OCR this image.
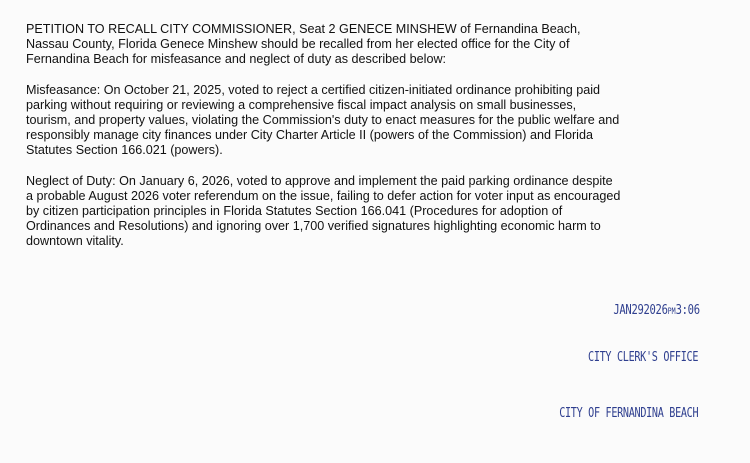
PETITION TO RECALL CITY COMMISSIONER, Seat 2 GENECE MINSHEW of Fernandina Beach,
Nassau County, Florida Genece Minshew should be recalled from her elected office for the City of
Fernandina Beach for misfeasance and neglect of duty as described below:

Misfeasance: On October 21, 2025, voted to reject a certified citizen-initiated ordinance prohibiting paid
parking without requiring or reviewing a comprehensive fiscal impact analysis on small businesses,
tourism, and property values, violating the Commission's duty to enact measures for the public welfare and
responsibly manage city finances under City Charter Article II (powers of the Commission) and Florida
Statutes Section 166.021 (powers).

Neglect of Duty: On January 6, 2026, voted to approve and implement the paid parking ordinance despite
a probable August 2026 voter referendum on the issue, failing to defer action for voter input as encouraged
by citizen participation principles in Florida Statutes Section 166.041 (Procedures for adoption of
Ordinances and Resolutions) and ignoring over 1,700 verified signatures highlighting economic harm to
downtown vitality.

JAN292026PM3:06
CITY CLERK'S OFFICE
CITY OF FERNANDINA BEACH
